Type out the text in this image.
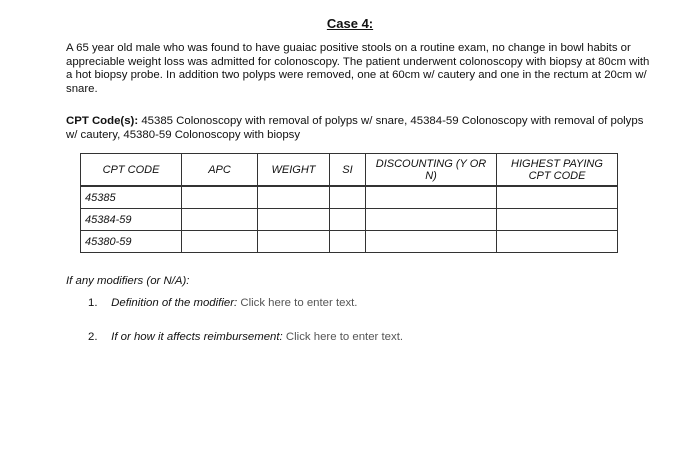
Case 4:
A 65 year old male who was found to have guaiac positive stools on a routine exam, no change in bowl habits or appreciable weight loss was admitted for colonoscopy. The patient underwent colonoscopy with biopsy at 80cm with a hot biopsy probe. In addition two polyps were removed, one at 60cm w/ cautery and one in the rectum at 20cm w/ snare.
CPT Code(s): 45385 Colonoscopy with removal of polyps w/ snare, 45384-59 Colonoscopy with removal of polyps w/ cautery, 45380-59 Colonoscopy with biopsy
CPT CODE	APC	WEIGHT	SI	DISCOUNTING (Y OR N)	HIGHEST PAYING CPT CODE
45385					
45384-59					
45380-59					
If any modifiers (or N/A):
1. Definition of the modifier: Click here to enter text.
2. If or how it affects reimbursement: Click here to enter text.
